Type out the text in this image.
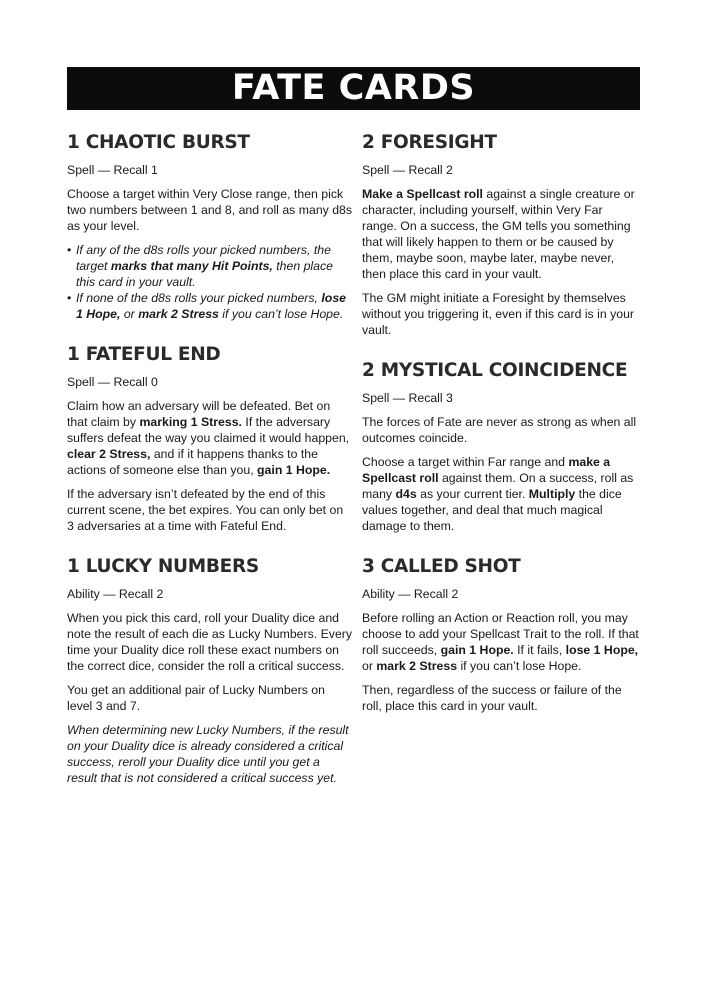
FATE CARDS
1 CHAOTIC BURST

Spell — Recall 1

Choose a target within Very Close range, then pick two numbers between 1 and 8, and roll as many d8s as your level.

• If any of the d8s rolls your picked numbers, the target marks that many Hit Points, then place this card in your vault.
• If none of the d8s rolls your picked numbers, lose 1 Hope, or mark 2 Stress if you can’t lose Hope.
1 FATEFUL END

Spell — Recall 0

Claim how an adversary will be defeated. Bet on that claim by marking 1 Stress. If the adversary suffers defeat the way you claimed it would happen, clear 2 Stress, and if it happens thanks to the actions of someone else than you, gain 1 Hope.

If the adversary isn’t defeated by the end of this current scene, the bet expires. You can only bet on 3 adversaries at a time with Fateful End.

1 LUCKY NUMBERS

Ability — Recall 2

When you pick this card, roll your Duality dice and note the result of each die as Lucky Numbers. Every time your Duality dice roll these exact numbers on the correct dice, consider the roll a critical success.

You get an additional pair of Lucky Numbers on level 3 and 7.

When determining new Lucky Numbers, if the result on your Duality dice is already considered a critical success, reroll your Duality dice until you get a result that is not considered a critical success yet.

2 FORESIGHT

Spell — Recall 2

Make a Spellcast roll against a single creature or character, including yourself, within Very Far range. On a success, the GM tells you something that will likely happen to them or be caused by them, maybe soon, maybe later, maybe never, then place this card in your vault.

The GM might initiate a Foresight by themselves without you triggering it, even if this card is in your vault.

2 MYSTICAL COINCIDENCE

Spell — Recall 3

The forces of Fate are never as strong as when all outcomes coincide.

Choose a target within Far range and make a Spellcast roll against them. On a success, roll as many d4s as your current tier. Multiply the dice values together, and deal that much magical damage to them.

3 CALLED SHOT

Ability — Recall 2

Before rolling an Action or Reaction roll, you may choose to add your Spellcast Trait to the roll. If that roll succeeds, gain 1 Hope. If it fails, lose 1 Hope, or mark 2 Stress if you can’t lose Hope.

Then, regardless of the success or failure of the roll, place this card in your vault.
